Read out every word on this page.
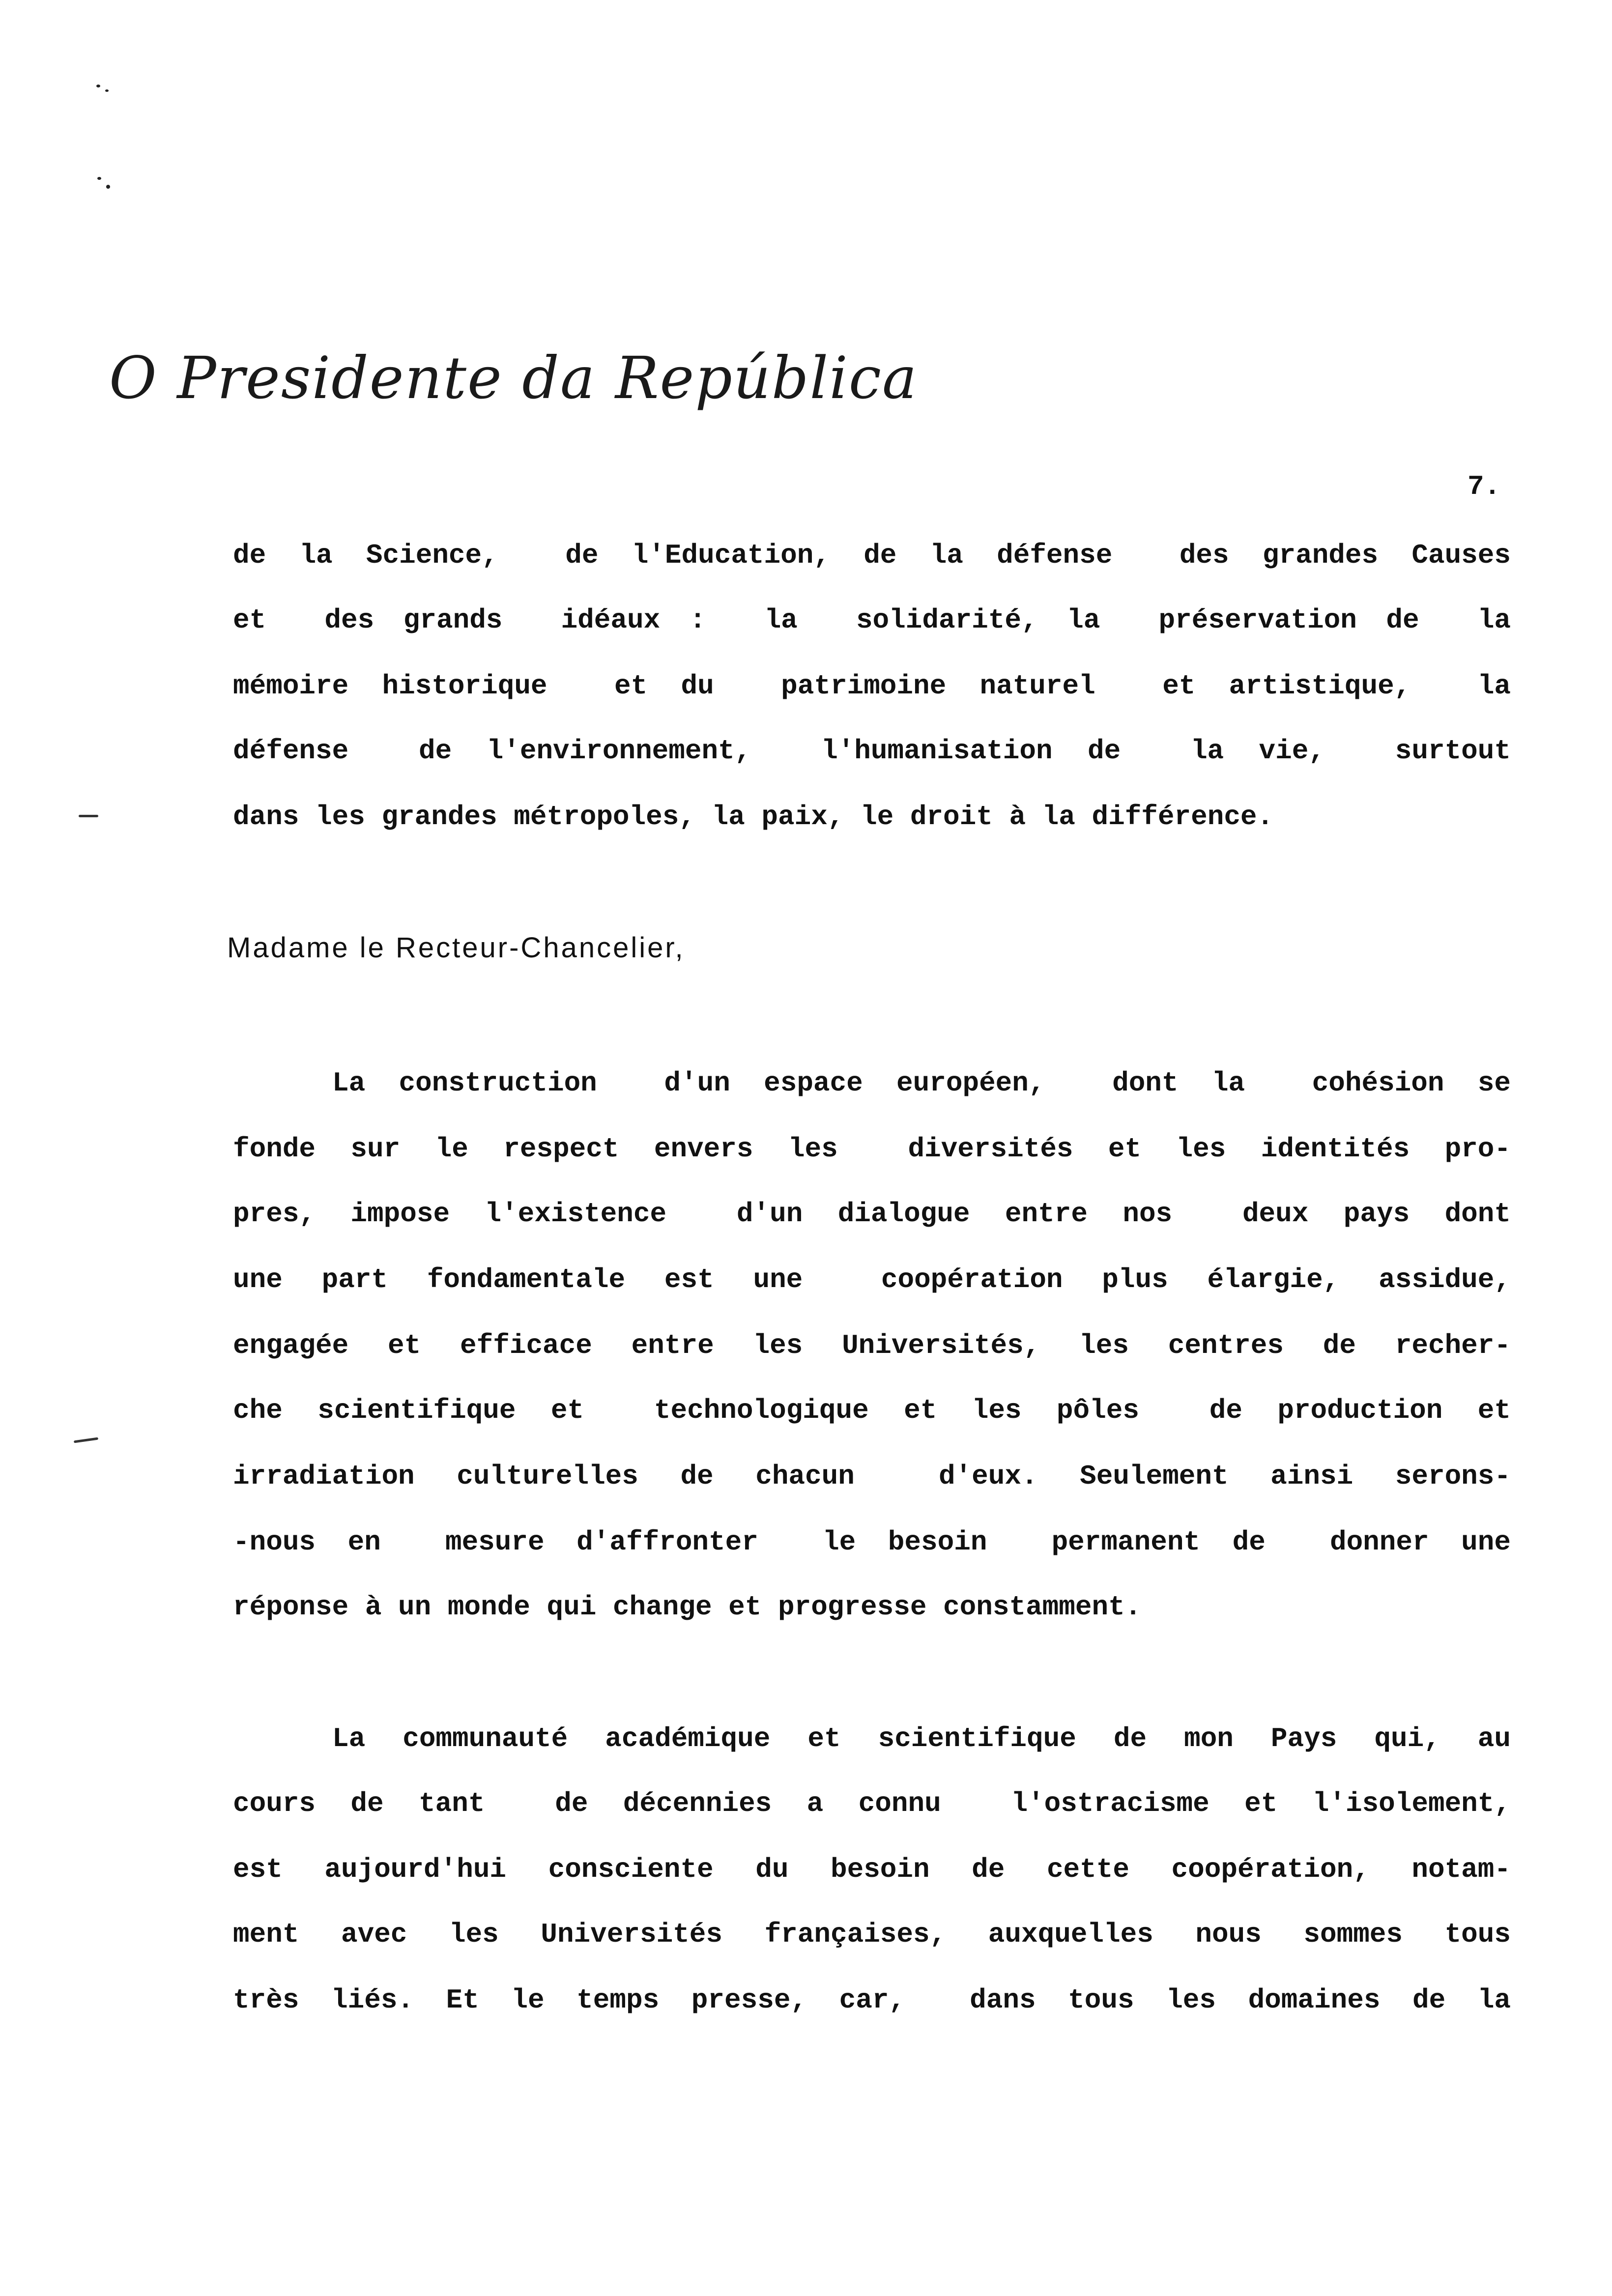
O Presidente da República
7.
de la Science,  de l'Education, de la défense  des grandes Causes
et  des grands  idéaux :  la  solidarité, la  préservation de  la
mémoire historique  et du  patrimoine naturel  et artistique,  la
défense  de l'environnement,  l'humanisation de  la vie,  surtout
dans les grandes métropoles, la paix, le droit à la différence.
Madame le Recteur-Chancelier,
La construction  d'un espace européen,  dont la  cohésion se
fonde sur le respect envers les  diversités et les identités pro-
pres, impose l'existence  d'un dialogue entre nos  deux pays dont
une part fondamentale est une  coopération plus élargie, assidue,
engagée et efficace entre les Universités, les centres de recher-
che scientifique et  technologique et les pôles  de production et
irradiation culturelles de chacun  d'eux. Seulement ainsi serons-
-nous en  mesure d'affronter  le besoin  permanent de  donner une
réponse à un monde qui change et progresse constamment.
La communauté académique et scientifique de mon Pays qui, au
cours de tant  de décennies a connu  l'ostracisme et l'isolement,
est aujourd'hui consciente du besoin de cette coopération, notam-
ment avec les Universités françaises, auxquelles nous sommes tous
très liés. Et le temps presse, car,  dans tous les domaines de la
